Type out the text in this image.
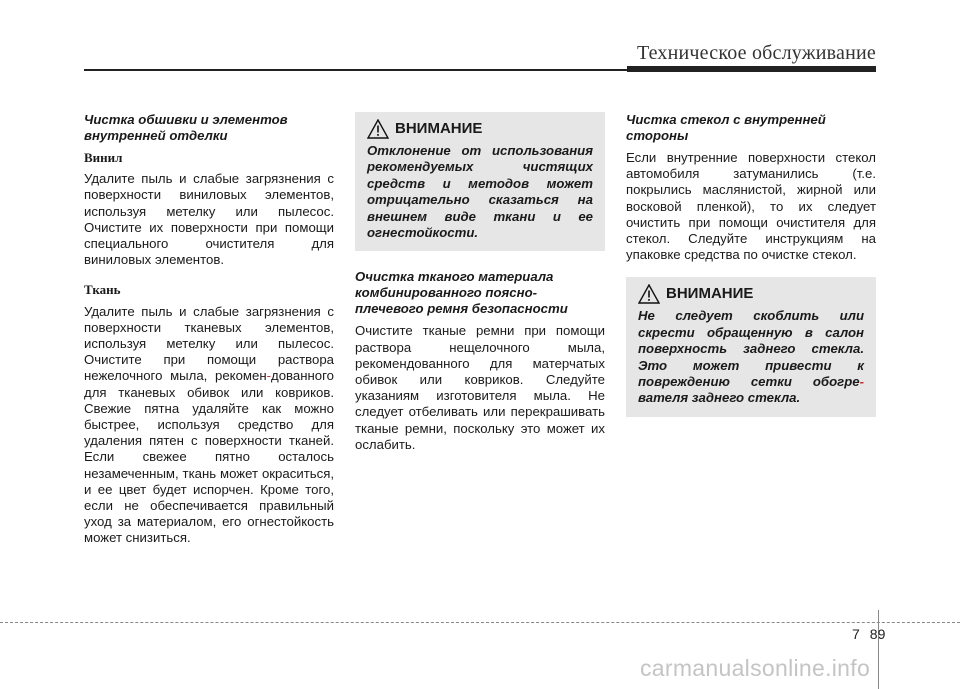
Техническое обслуживание
Чистка обшивки и элементов внутренней отделки
Винил
Удалите пыль и слабые загрязнения с поверхности виниловых элементов, используя метелку или пылесос. Очистите их поверхности при помощи специального очистителя для виниловых элементов.
Ткань
Удалите пыль и слабые загрязнения с поверхности тканевых элементов, используя метелку или пылесос. Очистите при помощи раствора нежелочного мыла, рекомен-дованного для тканевых обивок или ковриков. Свежие пятна удаляйте как можно быстрее, используя средство для удаления пятен с поверхности тканей. Если свежее пятно осталось незамеченным, ткань может окраситься, и ее цвет будет испорчен. Кроме того, если не обеспечивается правильный уход за материалом, его огнестойкость может снизиться.
ВНИМАНИЕ
Отклонение от использования рекомендуемых чистящих средств и методов может отрицательно сказаться на внешнем виде ткани и ее огнестойкости.
Очистка тканого материала комбинированного поясно-плечевого ремня безопасности
Очистите тканые ремни при помощи раствора нещелочного мыла, рекомендованного для матерчатых обивок или ковриков. Следуйте указаниям изготовителя мыла. Не следует отбеливать или перекрашивать тканые ремни, поскольку это может их ослабить.
Чистка стекол с внутренней стороны
Если внутренние поверхности стекол автомобиля затуманились (т.е. покрылись маслянистой, жирной или восковой пленкой), то их следует очистить при помощи очистителя для стекол. Следуйте инструкциям на упаковке средства по очистке стекол.
ВНИМАНИЕ
Не следует скоблить или скрести обращенную в салон поверхность заднего стекла. Это может привести к повреждению сетки обогре-вателя заднего стекла.
7 89
carmanualsonline.info
